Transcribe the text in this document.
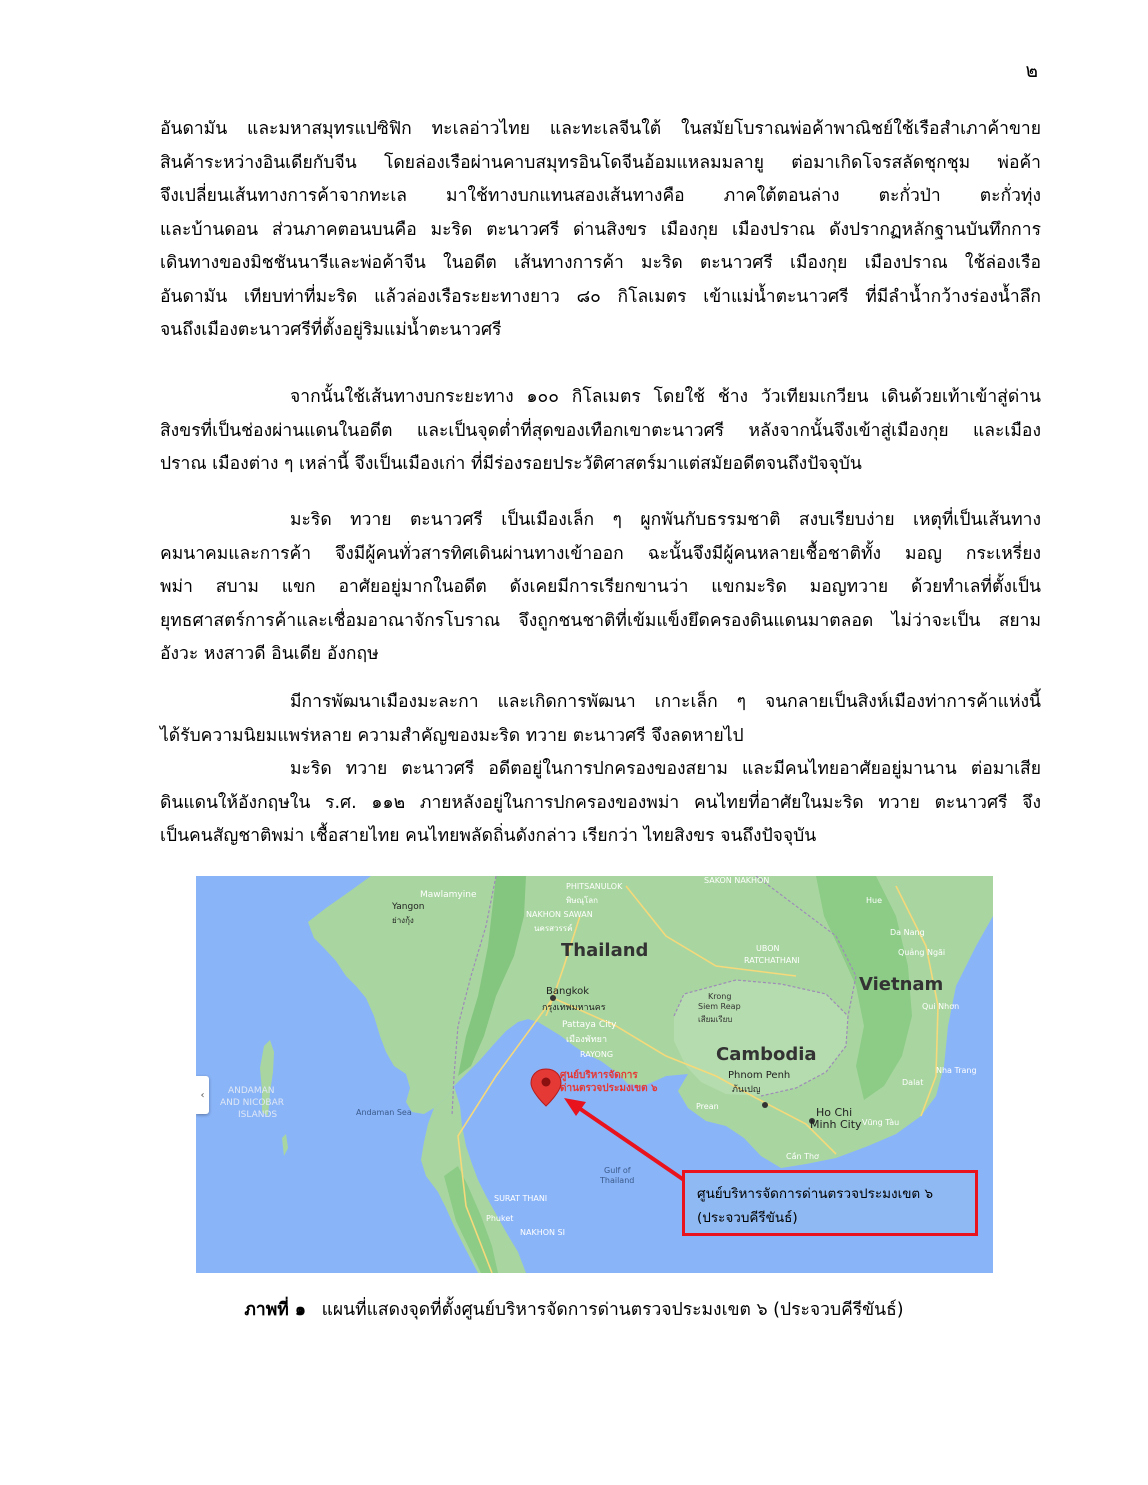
๒
อันดามัน และมหาสมุทรแปซิฟิก ทะเลอ่าวไทย และทะเลจีนใต้ ในสมัยโบราณพ่อค้าพาณิชย์ใช้เรือสำเภาค้าขาย
สินค้าระหว่างอินเดียกับจีน โดยล่องเรือผ่านคาบสมุทรอินโดจีนอ้อมแหลมมลายู ต่อมาเกิดโจรสลัดชุกชุม พ่อค้า
จึงเปลี่ยนเส้นทางการค้าจากทะเล มาใช้ทางบกแทนสองเส้นทางคือ ภาคใต้ตอนล่าง ตะกั่วป่า ตะกั่วทุ่ง
และบ้านดอน ส่วนภาคตอนบนคือ มะริด ตะนาวศรี ด่านสิงขร เมืองกุย เมืองปราณ ดังปรากฏหลักฐานบันทึกการ
เดินทางของมิชชันนารีและพ่อค้าจีน ในอดีต เส้นทางการค้า มะริด ตะนาวศรี เมืองกุย เมืองปราณ ใช้ล่องเรือ
อันดามัน เทียบท่าที่มะริด แล้วล่องเรือระยะทางยาว ๘๐ กิโลเมตร เข้าแม่น้ำตะนาวศรี ที่มีลำน้ำกว้างร่องน้ำลึก
จนถึงเมืองตะนาวศรีที่ตั้งอยู่ริมแม่น้ำตะนาวศรี
จากนั้นใช้เส้นทางบกระยะทาง ๑๐๐ กิโลเมตร โดยใช้ ช้าง วัวเทียมเกวียน เดินด้วยเท้าเข้าสู่ด่าน
สิงขรที่เป็นช่องผ่านแดนในอดีต และเป็นจุดต่ำที่สุดของเทือกเขาตะนาวศรี หลังจากนั้นจึงเข้าสู่เมืองกุย และเมือง
ปราณ เมืองต่าง ๆ เหล่านี้ จึงเป็นเมืองเก่า ที่มีร่องรอยประวัติศาสตร์มาแต่สมัยอดีตจนถึงปัจจุบัน
มะริด ทวาย ตะนาวศรี เป็นเมืองเล็ก ๆ ผูกพันกับธรรมชาติ สงบเรียบง่าย เหตุที่เป็นเส้นทาง
คมนาคมและการค้า จึงมีผู้คนทั่วสารทิศเดินผ่านทางเข้าออก ฉะนั้นจึงมีผู้คนหลายเชื้อชาติทั้ง มอญ กระเหรี่ยง
พม่า สบาม แขก อาศัยอยู่มากในอดีต ดังเคยมีการเรียกขานว่า แขกมะริด มอญทวาย ด้วยทำเลที่ตั้งเป็น
ยุทธศาสตร์การค้าและเชื่อมอาณาจักรโบราณ จึงถูกชนชาติที่เข้มแข็งยึดครองดินแดนมาตลอด ไม่ว่าจะเป็น สยาม
อังวะ หงสาวดี อินเดีย อังกฤษ
มีการพัฒนาเมืองมะละกา และเกิดการพัฒนา เกาะเล็ก ๆ จนกลายเป็นสิงห์เมืองท่าการค้าแห่งนี้
ได้รับความนิยมแพร่หลาย ความสำคัญของมะริด ทวาย ตะนาวศรี จึงลดหายไป
มะริด ทวาย ตะนาวศรี อดีตอยู่ในการปกครองของสยาม และมีคนไทยอาศัยอยู่มานาน ต่อมาเสีย
ดินแดนให้อังกฤษใน ร.ศ. ๑๑๒ ภายหลังอยู่ในการปกครองของพม่า คนไทยที่อาศัยในมะริด ทวาย ตะนาวศรี จึง
เป็นคนสัญชาติพม่า เชื้อสายไทย คนไทยพลัดถิ่นดังกล่าว เรียกว่า ไทยสิงขร จนถึงปัจจุบัน
Thailand
Vietnam
Cambodia
Bangkok
กรุงเทพมหานคร
Pattaya City
เมืองพัทยา
RAYONG
PHITSANULOK
พิษณุโลก
NAKHON SAWAN
นครสวรรค์
Mawlamyine
Yangon
ย่างกุ้ง
SAKON NAKHON
UBON
RATCHATHANI
Krong
Siem Reap
เสียมเรียบ
Phnom Penh
ภ้นเปญ
Prean	Ho Chi
Minh City
Hue
Da Nang
Quảng Ngãi
Qui Nhơn
Nha Trang
Dalat
Vũng Tàu
Cần Thơ
ANDAMAN
AND NICOBAR
ISLANDS	Andaman Sea
Gulf of
Thailand
SURAT THANI
NAKHON SI
Phuket
ศูนย์บริหารจัดการ
ด่านตรวจประมงเขต ๖
‹
ศูนย์บริหารจัดการด่านตรวจประมงเขต ๖
(ประจวบคีรีขันธ์)
ภาพที่ ๑ แผนที่แสดงจุดที่ตั้งศูนย์บริหารจัดการด่านตรวจประมงเขต ๖ (ประจวบคีรีขันธ์)
